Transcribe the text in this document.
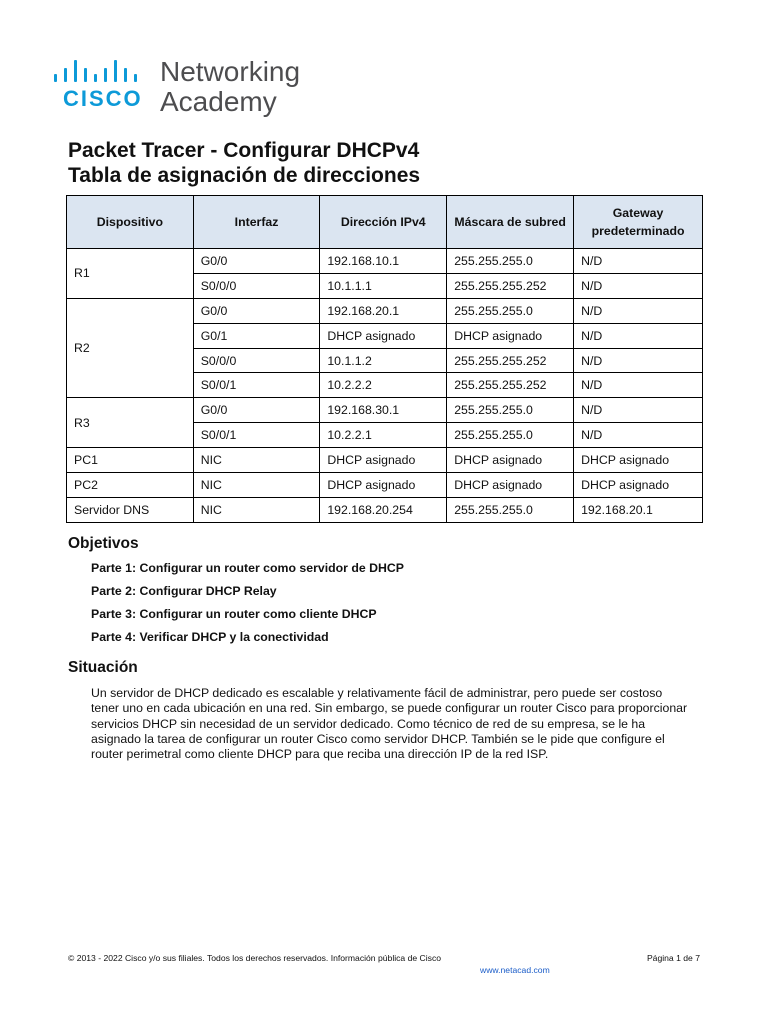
CISCO
Networking
Academy
Packet Tracer - Configurar DHCPv4
Tabla de asignación de direcciones
Dispositivo	Interfaz	Dirección IPv4	Máscara de subred	Gateway predeterminado
R1	G0/0	192.168.10.1	255.255.255.0	N/D
	S0/0/0	10.1.1.1	255.255.255.252	N/D
R2	G0/0	192.168.20.1	255.255.255.0	N/D
	G0/1	DHCP asignado	DHCP asignado	N/D
	S0/0/0	10.1.1.2	255.255.255.252	N/D
	S0/0/1	10.2.2.2	255.255.255.252	N/D
R3	G0/0	192.168.30.1	255.255.255.0	N/D
	S0/0/1	10.2.2.1	255.255.255.0	N/D
PC1	NIC	DHCP asignado	DHCP asignado	DHCP asignado
PC2	NIC	DHCP asignado	DHCP asignado	DHCP asignado
Servidor DNS	NIC	192.168.20.254	255.255.255.0	192.168.20.1
Objetivos
Parte 1: Configurar un router como servidor de DHCP
Parte 2: Configurar DHCP Relay
Parte 3: Configurar un router como cliente DHCP
Parte 4: Verificar DHCP y la conectividad
Situación
Un servidor de DHCP dedicado es escalable y relativamente fácil de administrar, pero puede ser costoso
tener uno en cada ubicación en una red. Sin embargo, se puede configurar un router Cisco para proporcionar
servicios DHCP sin necesidad de un servidor dedicado. Como técnico de red de su empresa, se le ha
asignado la tarea de configurar un router Cisco como servidor DHCP. También se le pide que configure el
router perimetral como cliente DHCP para que reciba una dirección IP de la red ISP.
© 2013 - 2022 Cisco y/o sus filiales. Todos los derechos reservados. Información pública de Cisco	Página 1 de 7
www.netacad.com
